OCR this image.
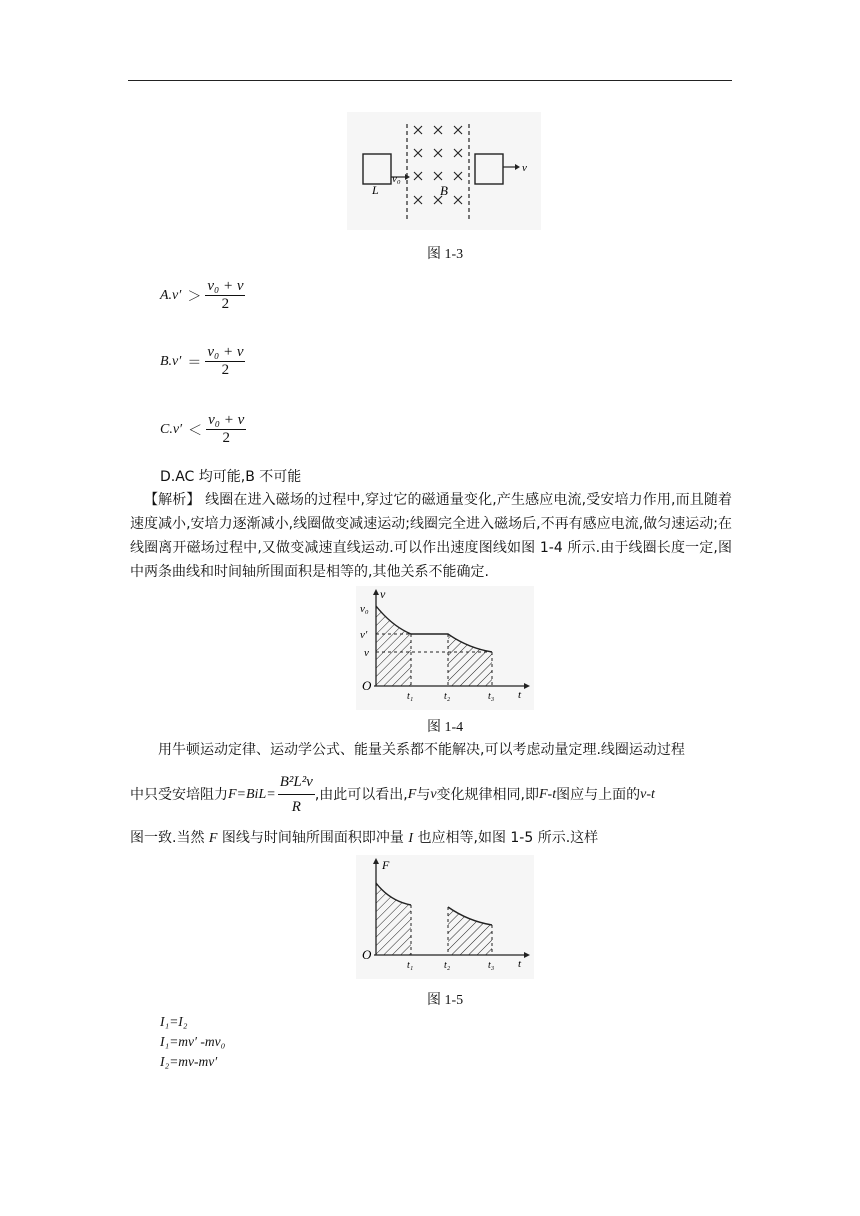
L
v₀
B
v
图 1-3
$A.v' > \frac{\text{v₀ + v}}{2}$
$B.v' = \frac{\text{v₀ + v}}{2}$
$C.v' < \frac{\text{v₀ + v}}{2}$
D.AC 均可能,B 不可能
【解析】 线圈在进入磁场的过程中,穿过它的磁通量变化,产生感应电流,受安培力作用,而且随着速度减小,安培力逐渐减小,线圈做变减速运动;线圈完全进入磁场后,不再有感应电流,做匀速运动;在线圈离开磁场过程中,又做变减速直线运动.可以作出速度图线如图 1-4 所示.由于线圈长度一定,图中两条曲线和时间轴所围面积是相等的,其他关系不能确定.
v
v₀
v′
v
O
t₁	t₂	t₃ t
图 1-4
用牛顿运动定律、运动学公式、能量关系都不能解决,可以考虑动量定理.线圈运动过程
中只受安培阻力 $F=BiL= \frac{\text{B²L²v}}{R}$ ,由此可以看出, F 与 v 变化规律相同,即 F-t 图应与上面的 v-t
图一致.当然 F 图线与时间轴所围面积即冲量 I 也应相等,如图 1-5 所示.这样
F
O
t₁	t₂	t₃ t
图 1-5
I₁=I₂
I₁=mv′ -mv₀
I₂=mv-mv′
